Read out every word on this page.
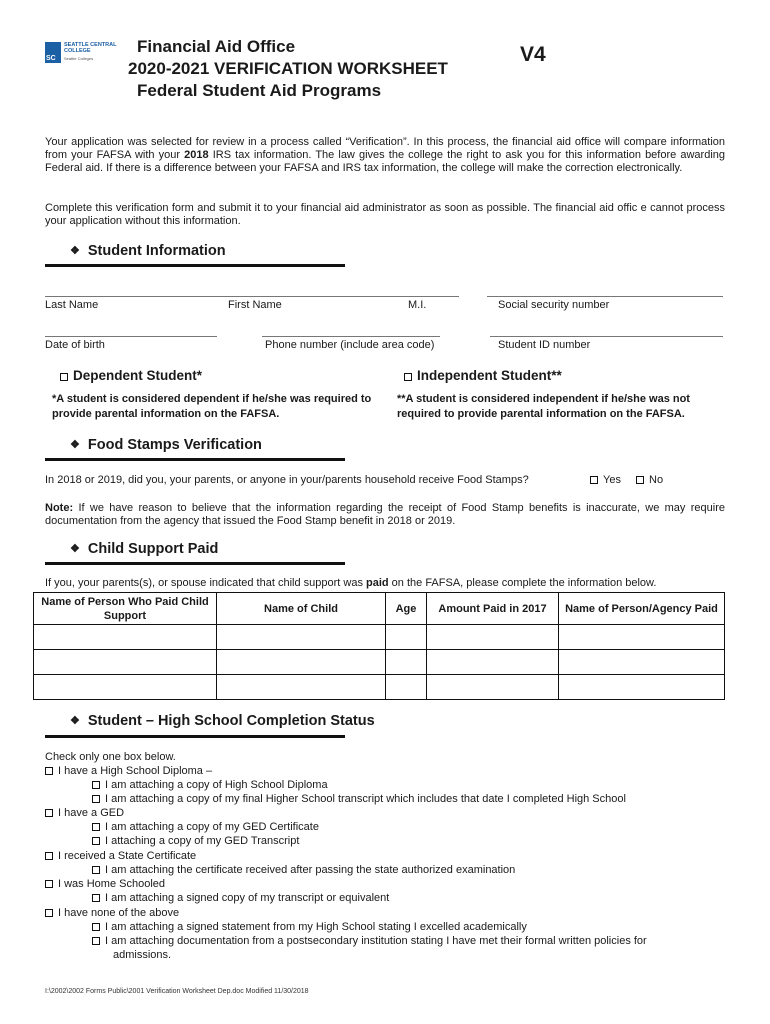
SC
SEATTLE CENTRAL
COLLEGE
Seattle Colleges
Financial Aid Office
2020-2021 VERIFICATION WORKSHEET
Federal Student Aid Programs
V4
Your application was selected for review in a process called “Verification”. In this process, the financial aid office will compare information from your FAFSA with your 2018 IRS tax information. The law gives the college the right to ask you for this information before awarding Federal aid. If there is a difference between your FAFSA and IRS tax information, the college will make the correction electronically.
Complete this verification form and submit it to your financial aid administrator as soon as possible. The financial aid offic e cannot process your application without this information.
❖ Student Information
Last Name	First Name	M.I.	Social security number
Date of birth	Phone number (include area code)	Student ID number
Dependent Student*	Independent Student**
*A student is considered dependent if he/she was required to provide parental information on the FAFSA.
**A student is considered independent if he/she was not required to provide parental information on the FAFSA.
❖ Food Stamps Verification
In 2018 or 2019, did you, your parents, or anyone in your/parents household receive Food Stamps?	Yes	No
Note: If we have reason to believe that the information regarding the receipt of Food Stamp benefits is inaccurate, we may require documentation from the agency that issued the Food Stamp benefit in 2018 or 2019.
❖ Child Support Paid
If you, your parents(s), or spouse indicated that child support was paid on the FAFSA, please complete the information below.
Name of Person Who Paid Child Support	Name of Child	Age	Amount Paid in 2017	Name of Person/Agency Paid

❖ Student – High School Completion Status
Check only one box below.
I have a High School Diploma –
I am attaching a copy of High School Diploma
I am attaching a copy of my final Higher School transcript which includes that date I completed High School
I have a GED
I am attaching a copy of my GED Certificate
I attaching a copy of my GED Transcript
I received a State Certificate
I am attaching the certificate received after passing the state authorized examination
I was Home Schooled
I am attaching a signed copy of my transcript or equivalent
I have none of the above
I am attaching a signed statement from my High School stating I excelled academically
I am attaching documentation from a postsecondary institution stating I have met their formal written policies for
admissions.
I:\2002\2002 Forms Public\2001 Verification Worksheet Dep.doc Modified 11/30/2018
